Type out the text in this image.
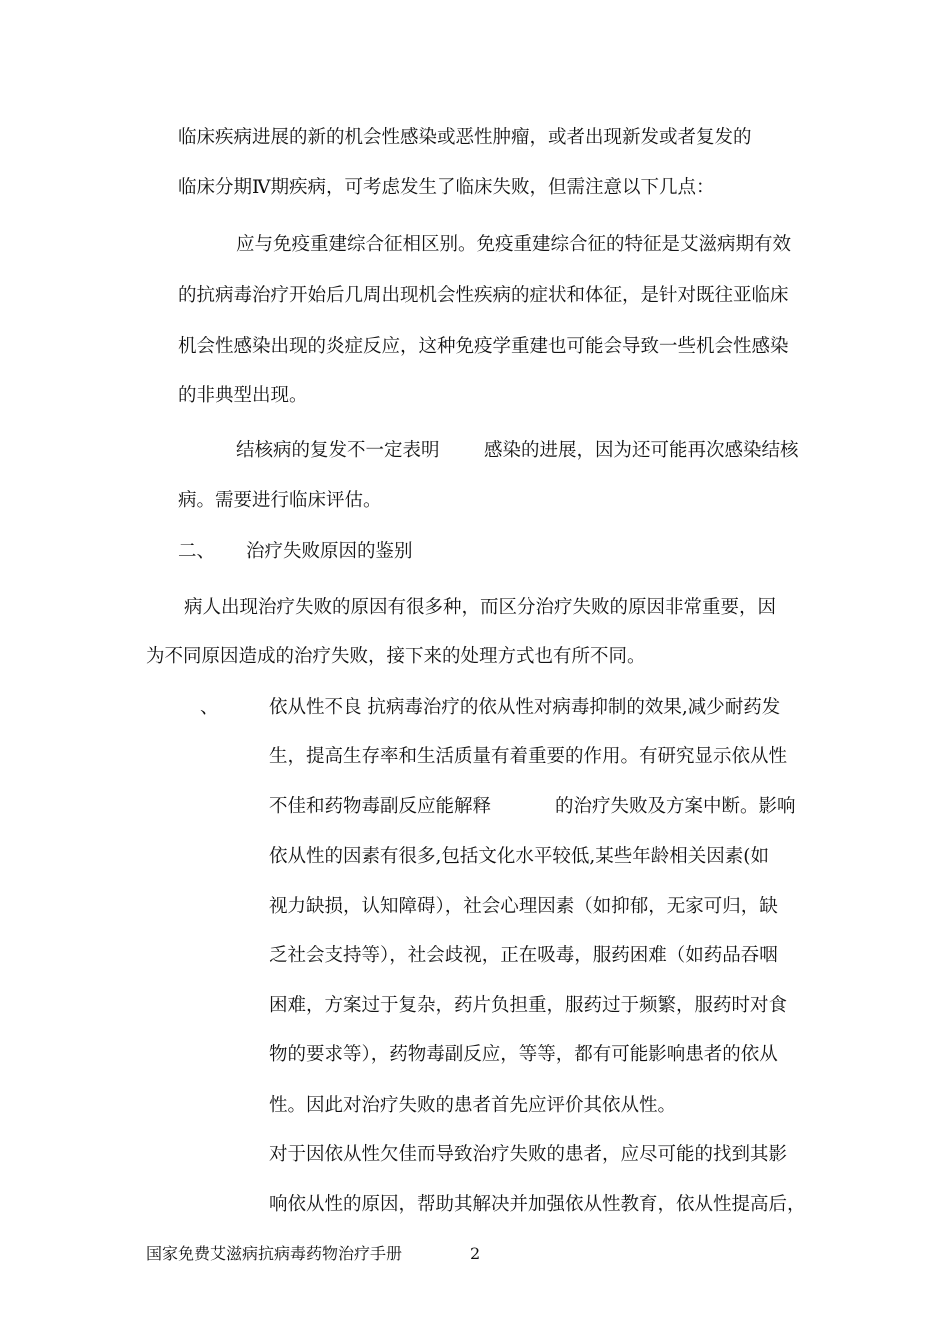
临床疾病进展的新的机会性感染或恶性肿瘤，或者出现新发或者复发的
临床分期Ⅳ期疾病，可考虑发生了临床失败，但需注意以下几点：
应与免疫重建综合征相区别。免疫重建综合征的特征是艾滋病期有效
的抗病毒治疗开始后几周出现机会性疾病的症状和体征，是针对既往亚临床
机会性感染出现的炎症反应，这种免疫学重建也可能会导致一些机会性感染
的非典型出现。
结核病的复发不一定表明 感染的进展，因为还可能再次感染结核
病。需要进行临床评估。
二、 治疗失败原因的鉴别
病人出现治疗失败的原因有很多种，而区分治疗失败的原因非常重要，因
为不同原因造成的治疗失败，接下来的处理方式也有所不同。
、	依从性不良 抗病毒治疗的依从性对病毒抑制的效果,减少耐药发
生，提高生存率和生活质量有着重要的作用。有研究显示依从性
不佳和药物毒副反应能解释	的治疗失败及方案中断。影响
依从性的因素有很多,包括文化水平较低,某些年龄相关因素(如
视力缺损，认知障碍），社会心理因素（如抑郁，无家可归，缺
乏社会支持等），社会歧视，正在吸毒，服药困难（如药品吞咽
困难，方案过于复杂，药片负担重，服药过于频繁，服药时对食
物的要求等），药物毒副反应，等等，都有可能影响患者的依从
性。因此对治疗失败的患者首先应评价其依从性。
对于因依从性欠佳而导致治疗失败的患者，应尽可能的找到其影
响依从性的原因，帮助其解决并加强依从性教育，依从性提高后，
国家免费艾滋病抗病毒药物治疗手册	2
